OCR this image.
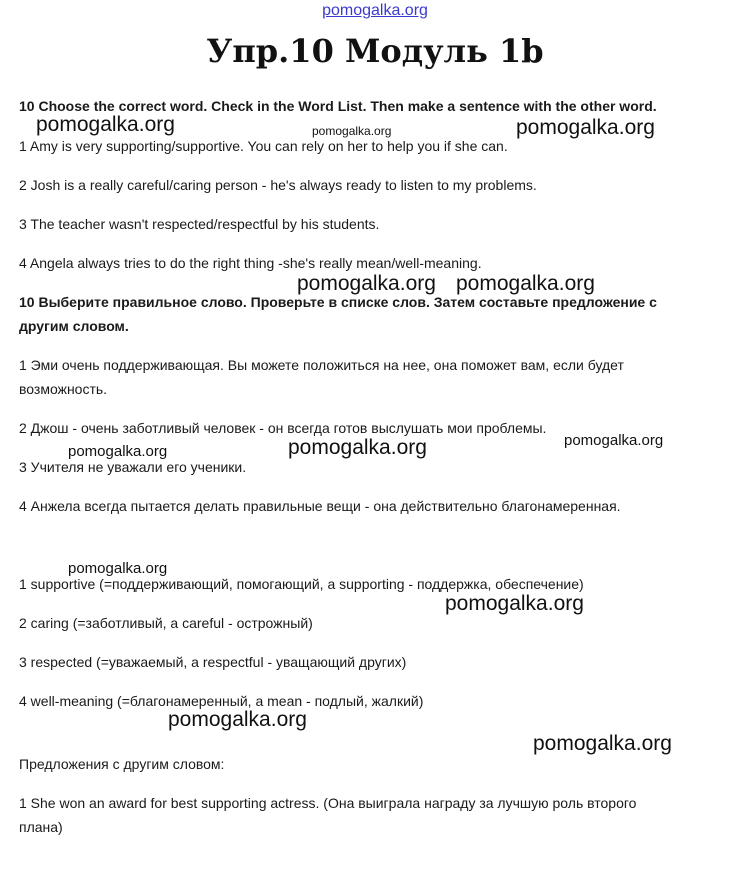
pomogalka.org
Упр.10 Модуль 1b
10 Choose the correct word. Check in the Word List. Then make a sentence with the other word.
1 Amy is very supporting/supportive. You can rely on her to help you if she can.
2 Josh is a really careful/caring person - he's always ready to listen to my problems.
3 The teacher wasn't respected/respectful by his students.
4 Angela always tries to do the right thing -she's really mean/well-meaning.
10 Выберите правильное слово. Проверьте в списке слов. Затем составьте предложение с
другим словом.
1 Эми очень поддерживающая. Вы можете положиться на нее, она поможет вам, если будет
возможность.
2 Джош - очень заботливый человек - он всегда готов выслушать мои проблемы.
3 Учителя не уважали его ученики.
4 Анжела всегда пытается делать правильные вещи - она действительно благонамеренная.
1 supportive (=поддерживающий, помогающий, а supporting - поддержка, обеспечение)
2 caring (=заботливый, а careful - острожный)
3 respected (=уважаемый, а respectful - уващающий других)
4 well-meaning (=благонамеренный, а mean - подлый, жалкий)
Предложения с другим словом:
1 She won an award for best supporting actress. (Она выиграла награду за лучшую роль второго
плана)
pomogalka.org	pomogalka.org	pomogalka.org
pomogalka.org pomogalka.org
pomogalka.org	pomogalka.org	pomogalka.org
pomogalka.org
pomogalka.org
pomogalka.org
pomogalka.org
